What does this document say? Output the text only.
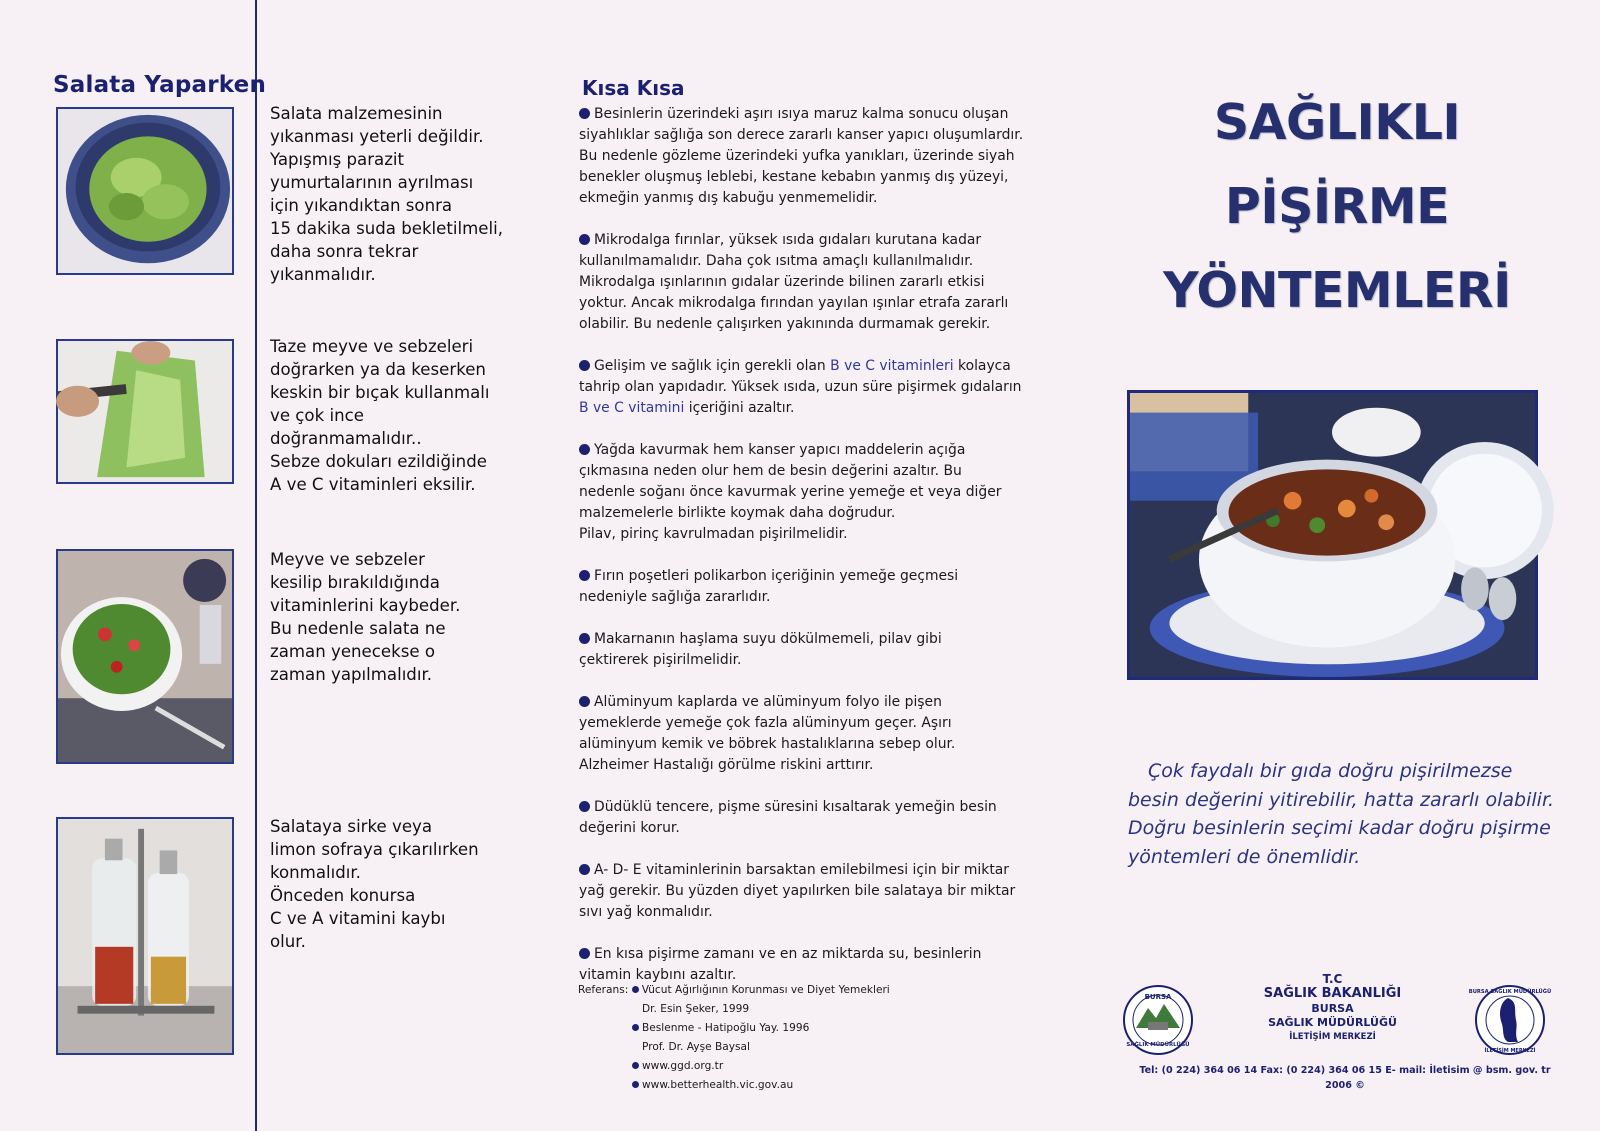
Salata Yaparken
Salata malzemesinin
yıkanması yeterli değildir.
Yapışmış parazit
yumurtalarının ayrılması
için yıkandıktan sonra
15 dakika suda bekletilmeli,
daha sonra tekrar
yıkanmalıdır.
Taze meyve ve sebzeleri
doğrarken ya da keserken
keskin bir bıçak kullanmalı
ve çok ince
doğranmamalıdır..
Sebze dokuları ezildiğinde
A ve C vitaminleri eksilir.
Meyve ve sebzeler
kesilip bırakıldığında
vitaminlerini kaybeder.
Bu nedenle salata ne
zaman yenecekse o
zaman yapılmalıdır.
Salataya sirke veya
limon sofraya çıkarılırken
konmalıdır.
Önceden konursa
C ve A vitamini kaybı
olur.
Kısa Kısa
Besinlerin üzerindeki aşırı ısıya maruz kalma sonucu oluşan
siyahlıklar sağlığa son derece zararlı kanser yapıcı oluşumlardır.
Bu nedenle gözleme üzerindeki yufka yanıkları, üzerinde siyah
benekler oluşmuş leblebi, kestane kebabın yanmış dış yüzeyi,
ekmeğin yanmış dış kabuğu yenmemelidir.
Mikrodalga fırınlar, yüksek ısıda gıdaları kurutana kadar
kullanılmamalıdır. Daha çok ısıtma amaçlı kullanılmalıdır.
Mikrodalga ışınlarının gıdalar üzerinde bilinen zararlı etkisi
yoktur. Ancak mikrodalga fırından yayılan ışınlar etrafa zararlı
olabilir. Bu nedenle çalışırken yakınında durmamak gerekir.
Gelişim ve sağlık için gerekli olan B ve C vitaminleri kolayca
tahrip olan yapıdadır. Yüksek ısıda, uzun süre pişirmek gıdaların
B ve C vitamini içeriğini azaltır.
Yağda kavurmak hem kanser yapıcı maddelerin açığa
çıkmasına neden olur hem de besin değerini azaltır. Bu
nedenle soğanı önce kavurmak yerine yemeğe et veya diğer
malzemelerle birlikte koymak daha doğrudur.
Pilav, pirinç kavrulmadan pişirilmelidir.
Fırın poşetleri polikarbon içeriğinin yemeğe geçmesi
nedeniyle sağlığa zararlıdır.
Makarnanın haşlama suyu dökülmemeli, pilav gibi
çektirerek pişirilmelidir.
Alüminyum kaplarda ve alüminyum folyo ile pişen
yemeklerde yemeğe çok fazla alüminyum geçer. Aşırı
alüminyum kemik ve böbrek hastalıklarına sebep olur.
Alzheimer Hastalığı görülme riskini arttırır.
Düdüklü tencere, pişme süresini kısaltarak yemeğin besin
değerini korur.
A- D- E vitaminlerinin barsaktan emilebilmesi için bir miktar
yağ gerekir. Bu yüzden diyet yapılırken bile salataya bir miktar
sıvı yağ konmalıdır.
En kısa pişirme zamanı ve en az miktarda su, besinlerin
vitamin kaybını azaltır.
Referans: Vücut Ağırlığının Korunması ve Diyet Yemekleri
Dr. Esin Şeker, 1999
Beslenme - Hatipoğlu Yay. 1996
Prof. Dr. Ayşe Baysal
www.ggd.org.tr
www.betterhealth.vic.gov.au
SAĞLIKLI
PİŞİRME
YÖNTEMLERİ
Çok faydalı bir gıda doğru pişirilmezse
besin değerini yitirebilir, hatta zararlı olabilir.
Doğru besinlerin seçimi kadar doğru pişirme
yöntemleri de önemlidir.
BURSA
SAĞLIK MÜDÜRLÜĞÜ
T.C
SAĞLIK BAKANLIĞI
BURSA
SAĞLIK MÜDÜRLÜĞÜ
İLETİŞİM MERKEZİ
BURSA SAĞLIK MÜDÜRLÜĞÜ
İLETİŞİM MERKEZİ
Tel: (0 224) 364 06 14 Fax: (0 224) 364 06 15 E- mail: İletisim @ bsm. gov. tr
2006 ©
